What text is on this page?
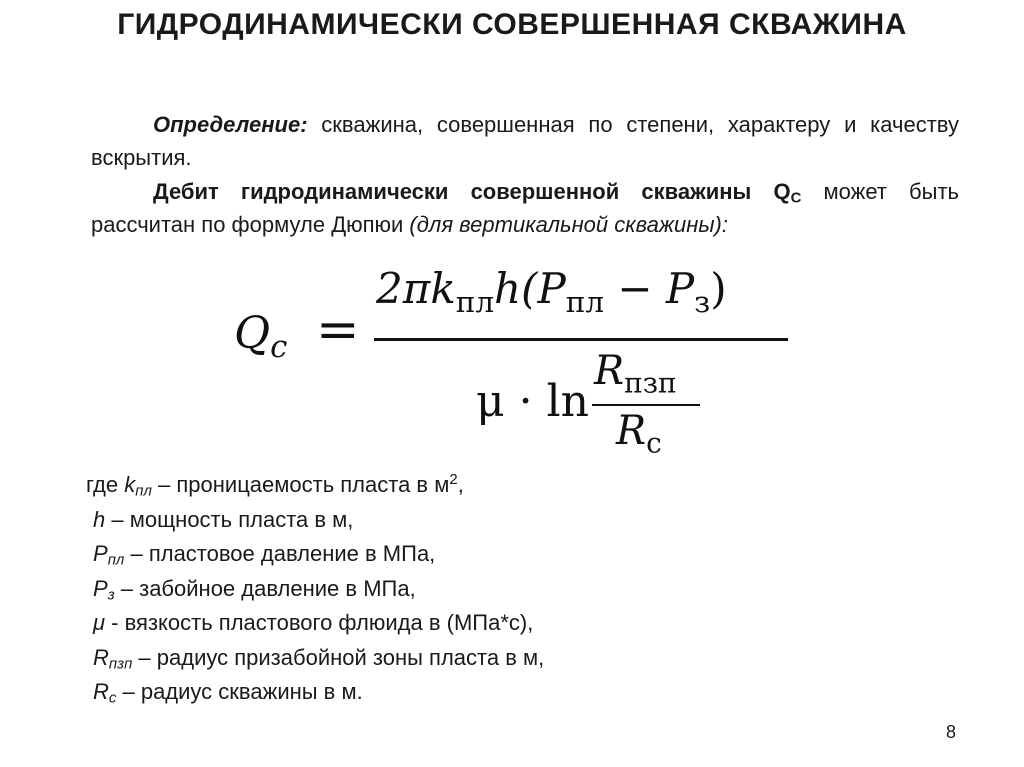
ГИДРОДИНАМИЧЕСКИ СОВЕРШЕННАЯ СКВАЖИНА
Определение: скважина, совершенная по степени, характеру и качеству вскрытия.
Дебит гидродинамически совершенной скважины $Q_С$ может быть рассчитан по формуле Дюпюи (для вертикальной скважины):
$Q_c$ =
$2\pi k_{пл}h(P_{пл} - P_з)$
μ · ln
$R_{пзп}$
$R_с$
где $k_{пл}$ – проницаемость пласта в $м^2$,
h – мощность пласта в м,
$P_{пл}$ – пластовое давление в МПа,
$P_з$ – забойное давление в МПа,
μ - вязкость пластового флюида в (МПа*с),
$R_{пзп}$ – радиус призабойной зоны пласта в м,
$R_с$ – радиус скважины в м.
8
